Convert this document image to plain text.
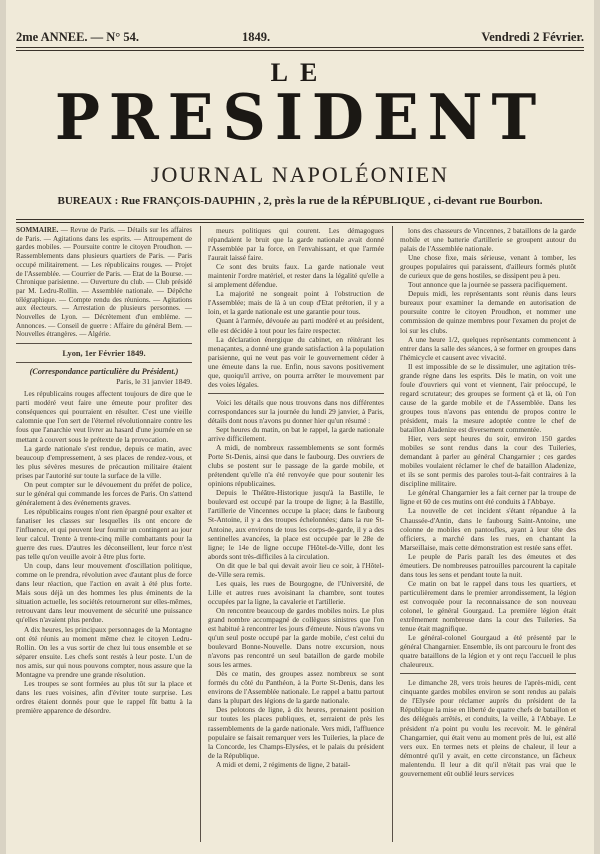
2me ANNEE. — N° 54.	1849.	Vendredi 2 Février.
LE
PRESIDENT
JOURNAL NAPOLÉONIEN
BUREAUX : Rue FRANÇOIS-DAUPHIN , 2, près la rue de la RÉPUBLIQUE , ci-devant rue Bourbon.
SOMMAIRE. — Revue de Paris. — Détails sur les affaires de Paris. — Agitations dans les esprits. — Attroupement de gardes mobiles. — Poursuite contre le citoyen Proudhon. — Rassemblements dans plusieurs quartiers de Paris. — Paris occupé militairement. — Les républicains rouges. — Projet de l'Assemblée. — Courrier de Paris. — Etat de la Bourse. — Chronique parisienne. — Ouverture du club. — Club présidé par M. Ledru-Rollin. — Assemblée nationale. — Dépêche télégraphique. — Compte rendu des réunions. — Agitations aux électeurs. — Arrestation de plusieurs personnes. — Nouvelles de Lyon. — Décrètement d'un emblème. — Annonces. — Conseil de guerre : Affaire du général Bem. — Nouvelles étrangères. — Algérie.
Lyon, 1er Février 1849.
(Correspondance particulière du Président.)
Paris, le 31 janvier 1849.

Les républicains rouges affectent toujours de dire que le parti modéré veut faire une émeute pour profiter des conséquences qui pourraient en résulter. C'est une vieille calomnie que l'on sert de l'éternel révolutionnaire contre les fous que l'anarchie veut livrer au hasard d'une journée en se mettant à couvert sous le prétexte de la provocation.

La garde nationale s'est rendue, depuis ce matin, avec beaucoup d'empressement, à ses places de rendez-vous, et les plus sévères mesures de précaution militaire étaient prises par l'autorité sur toute la surface de la ville.

On peut compter sur le dévouement du préfet de police, sur le général qui commande les forces de Paris. On s'attend généralement à des événements graves.

Les républicains rouges n'ont rien épargné pour exalter et fanatiser les classes sur lesquelles ils ont encore de l'influence, et qui peuvent leur fournir un contingent au jour leur calcul. Trente à trente-cinq mille combattants pour la guerre des rues. D'autres les déconseillent, leur force n'est pas telle qu'on veuille avoir à être plus forte.

Un coup, dans leur mouvement d'oscillation politique, comme on le prendra, révolution avec d'autant plus de force dans leur réaction, que l'action en avait à été plus forte. Mais sous déjà un des hommes les plus éminents de la situation actuelle, les sociétés retourneront sur elles-mêmes, retrouvant dans leur mouvement de sécurité une puissance qu'elles n'avaient plus perdue.

A dix heures, les principaux personnages de la Montagne ont été réunis au moment même chez le citoyen Ledru-Rollin. On les a vus sortir de chez lui tous ensemble et se séparer ensuite. Les chefs sont restés à leur poste. L'un de nos amis, sur qui nous pouvons compter, nous assure que la Montagne va prendre une grande résolution.

Les troupes se sont formées au plus tôt sur la place et dans les rues voisines, afin d'éviter toute surprise. Les ordres étaient donnés pour que le rappel fût battu à la première apparence de désordre.

meurs politiques qui courent. Les démagogues répandaient le bruit que la garde nationale avait donné l'Assemblée par la force, en l'envahissant, et que l'armée l'aurait laissé faire.

Ce sont des bruits faux. La garde nationale veut maintenir l'ordre matériel, et rester dans la légalité qu'elle a si amplement défendue.

La majorité ne songeait point à l'obstruction de l'Assemblée; mais de là à un coup d'Etat prétorien, il y a loin, et la garde nationale est une garantie pour tous.

Quant à l'armée, dévouée au parti modéré et au président, elle est décidée à tout pour les faire respecter.

La déclaration énergique du cabinet, en réitérant les menaçantes, a donné une grande satisfaction à la population parisienne, qui ne veut pas voir le gouvernement céder à une émeute dans la rue. Enfin, nous savons positivement que, quoiqu'il arrive, on pourra arrêter le mouvement par des voies légales.

Voici les détails que nous trouvons dans nos différentes correspondances sur la journée du lundi 29 janvier, à Paris, détails dont nous n'avons pu donner hier qu'un résumé :

Sept heures du matin, on bat le rappel, la garde nationale arrive difficilement.

A midi, de nombreux rassemblements se sont formés Porte St-Denis, ainsi que dans le faubourg. Des ouvriers de clubs se postent sur le passage de la garde mobile, et prétendent qu'elle n'a été renvoyée que pour soutenir les opinions républicaines.

Depuis le Théâtre-Historique jusqu'à la Bastille, le boulevard est occupé par la troupe de ligne; à la Bastille, l'artillerie de Vincennes occupe la place; dans le faubourg St-Antoine, il y a des troupes échelonnées; dans la rue St-Antoine, aux environs de tous les corps-de-garde, il y a des sentinelles avancées, la place est occupée par le 28e de ligne; le 14e de ligne occupe l'Hôtel-de-Ville, dont les abords sont très-difficiles à la circulation.

On dit que le bal qui devait avoir lieu ce soir, à l'Hôtel-de-Ville sera remis.

Les quais, les rues de Bourgogne, de l'Université, de Lille et autres rues avoisinant la chambre, sont toutes occupées par la ligne, la cavalerie et l'artillerie.

On rencontre beaucoup de gardes mobiles noirs. Le plus grand nombre accompagné de collègues sinistres que l'on est habitué à rencontrer les jours d'émeute. Nous n'avons vu qu'un seul poste occupé par la garde mobile, c'est celui du boulevard Bonne-Nouvelle. Dans notre excursion, nous n'avons pas rencontré un seul bataillon de garde mobile sous les armes.

Dès ce matin, des groupes assez nombreux se sont formés du côté du Panthéon, à la Porte St-Denis, dans les environs de l'Assemblée nationale. Le rappel a battu partout dans la plupart des légions de la garde nationale.

Des pelotons de ligne, à dix heures, prenaient position sur toutes les places publiques, et, serraient de près les rassemblements de la garde nationale. Vers midi, l'affluence populaire se faisait remarquer vers les Tuileries, la place de la Concorde, les Champs-Elysées, et le palais du président de la République.

A midi et demi, 2 régiments de ligne, 2 batail-

lons des chasseurs de Vincennes, 2 bataillons de la garde mobile et une batterie d'artillerie se groupent autour du palais de l'Assemblée nationale.

Une chose fixe, mais sérieuse, venant à tomber, les groupes populaires qui paraissent, d'ailleurs formés plutôt de curieux que de gens hostiles, se dissipent peu à peu.

Tout annonce que la journée se passera pacifiquement.

Depuis midi, les représentants sont réunis dans leurs bureaux pour examiner la demande en autorisation de poursuite contre le citoyen Proudhon, et nommer une commission de quinze membres pour l'examen du projet de loi sur les clubs.

A une heure 1/2, quelques représentants commencent à entrer dans la salle des séances, à se former en groupes dans l'hémicycle et causent avec vivacité.

Il est impossible de se le dissimuler, une agitation très-grande règne dans les esprits. Dès le matin, on voit une foule d'ouvriers qui vont et viennent, l'air préoccupé, le regard scrutateur; des groupes se forment çà et là, où l'on cause de la garde mobile et de l'Assemblée. Dans les groupes tous n'avons pas entendu de propos contre le président, mais la mesure adoptée contre le chef de bataillon Aladenize est diversement commentée.

Hier, vers sept heures du soir, environ 150 gardes mobiles se sont rendus dans la cour des Tuileries, demandant à parler au général Changarnier ; ces gardes mobiles voulaient réclamer le chef de bataillon Aladenize, et ils se sont permis des paroles tout-à-fait contraires à la discipline militaire.

Le général Changarnier les a fait cerner par la troupe de ligne et 60 de ces mutins ont été conduits à l'Abbaye.

La nouvelle de cet incident s'étant répandue à la Chaussée-d'Antin, dans le faubourg Saint-Antoine, une colonne de mobiles en pantoufles, ayant à leur tête des officiers, a marché dans les rues, en chantant la Marseillaise, mais cette démonstration est restée sans effet.

Le peuple de Paris paraît les des émeutes et des émeutiers. De nombreuses patrouilles parcourent la capitale dans tous les sens et pendant toute la nuit.

Ce matin on bat le rappel dans tous les quartiers, et particulièrement dans le premier arrondissement, la légion est convoquée pour la reconnaissance de son nouveau colonel, le général Gourgaud. La première légion était extrêmement nombreuse dans la cour des Tuileries. Sa tenue était magnifique.

Le général-colonel Gourgaud a été présenté par le général Changarnier. Ensemble, ils ont parcouru le front des quatre bataillons de la légion et y ont reçu l'accueil le plus chaleureux.

Le dimanche 28, vers trois heures de l'après-midi, cent cinquante gardes mobiles environ se sont rendus au palais de l'Elysée pour réclamer auprès du président de la République la mise en liberté de quatre chefs de bataillon et des délégués arrêtés, et conduits, la veille, à l'Abbaye. Le président n'a point pu voulu les recevoir. M. le général Changarnier, qui était venu au moment près de lui, est allé vers eux. En termes nets et pleins de chaleur, il leur a démontré qu'il y avait, en cette circonstance, un fâcheux malentendu. Il leur a dit qu'il n'était pas vrai que le gouvernement eût oublié leurs services
